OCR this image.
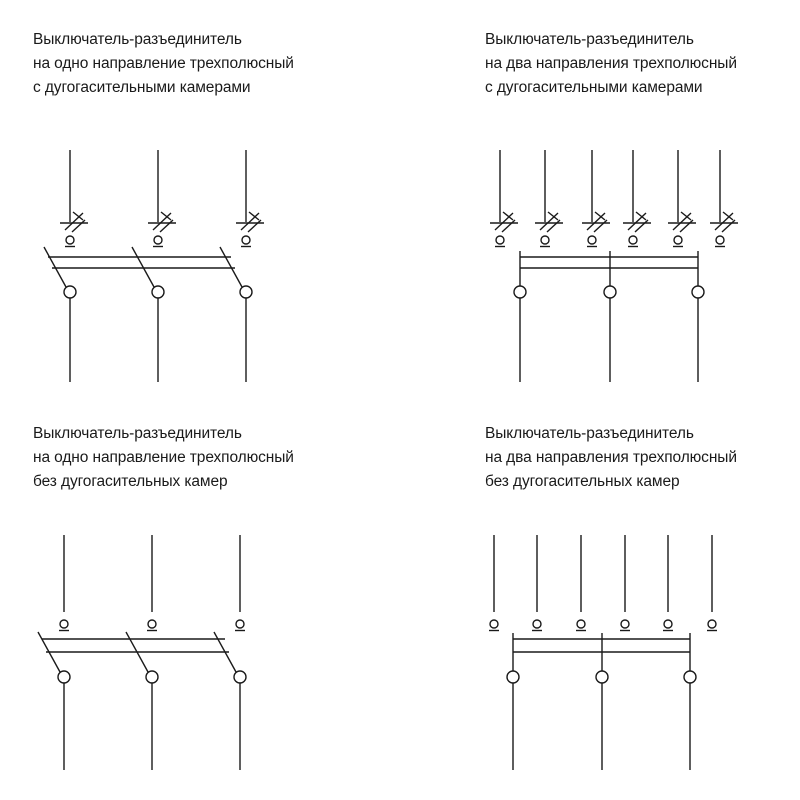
Выключатель-разъединитель
на одно направление трехполюсный
с дугогасительными камерами
Выключатель-разъединитель
на два направления трехполюсный
с дугогасительными камерами
Выключатель-разъединитель
на одно направление трехполюсный
без дугогасительных камер
Выключатель-разъединитель
на два направления трехполюсный
без дугогасительных камер
